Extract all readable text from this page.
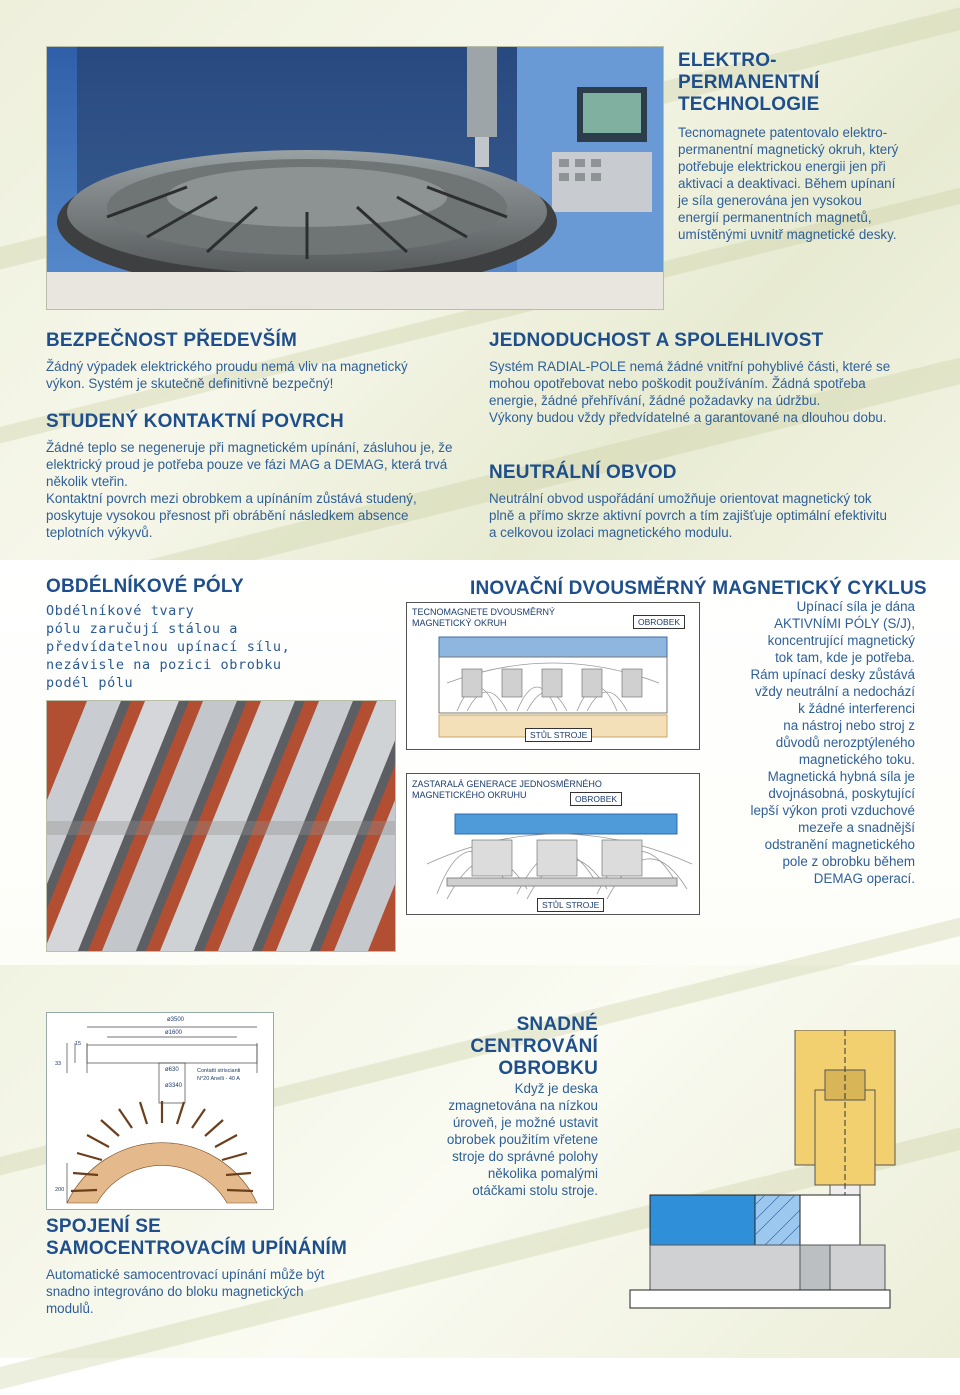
ELEKTRO-
PERMANENTNÍ
TECHNOLOGIE

Tecnomagnete patentovalo elektro-permanentní magnetický okruh, který potřebuje elektrickou energii jen při aktivaci a deaktivaci. Během upínaní je síla generována jen vysokou energií permanentních magnetů, umístěnými uvnitř magnetické desky.

BEZPEČNOST PŘEDEVŠÍM

Žádný výpadek elektrického proudu nemá vliv na magnetický výkon. Systém je skutečně definitivně bezpečný!

STUDENÝ KONTAKTNÍ POVRCH

Žádné teplo se negeneruje při magnetickém upínání, zásluhou je, že elektrický proud je potřeba pouze ve fázi MAG a DEMAG, která trvá několik vteřin.

Kontaktní povrch mezi obrobkem a upínáním zůstává studený, poskytuje vysokou přesnost při obrábění následkem absence teplotních výkyvů.

JEDNODUCHOST A SPOLEHLIVOST

Systém RADIAL-POLE nemá žádné vnitřní pohyblivé části, které se mohou opotřebovat nebo poškodit používáním. Žádná spotřeba energie, žádné přehřívání, žádné požadavky na údržbu.

Výkony budou vždy předvídatelné a garantované na dlouhou dobu.

NEUTRÁLNÍ OBVOD

Neutrální obvod uspořádání umožňuje orientovat magnetický tok plně a přímo skrze aktivní povrch a tím zajišťuje optimální efektivitu a celkovou izolaci magnetického modulu.

OBDÉLNÍKOVÉ PÓLY
Obdélníkové tvary
pólu zaručují stálou a
předvídatelnou upínací sílu,
nezávisle na pozici obrobku
podél pólu
INOVAČNÍ DVOUSMĚRNÝ MAGNETICKÝ CYKLUS
TECNOMAGNETE DVOUSMĚRNÝ
MAGNETICKÝ OKRUH	OBROBEK
STŮL STROJE
ZASTARALÁ GENERACE JEDNOSMĚRNÉHO
MAGNETICKÉHO OKRUHU	OBROBEK
STŮL STROJE

Upínací síla je dána

AKTIVNÍMI PÓLY (S/J),

koncentrující magnetický

tok tam, kde je potřeba.

Rám upínací desky zůstává

vždy neutrální a nedochází

k žádné interferenci

na nástroj nebo stroj z

důvodů nerozptýleného

magnetického toku.

Magnetická hybná síla je

dvojnásobná, poskytující

lepší výkon proti vzduchové

mezeře a snadnější

odstranění magnetického

pole z obrobku během

DEMAG operací.

ø3500
ø1600
ø630
ø3340
Contatti striscianti
N°20 Anelli - 40 A
33
15
200
SPOJENÍ SE
SAMOCENTROVACÍM UPÍNÁNÍM

Automatické samocentrovací upínání může být snadno integrováno do bloku magnetických modulů.

SNADNÉ
CENTROVÁNÍ
OBROBKU

Když je deska

zmagnetována na nízkou

úroveň, je možné ustavit

obrobek použitím vřetene

stroje do správné polohy

několika pomalými

otáčkami stolu stroje.
